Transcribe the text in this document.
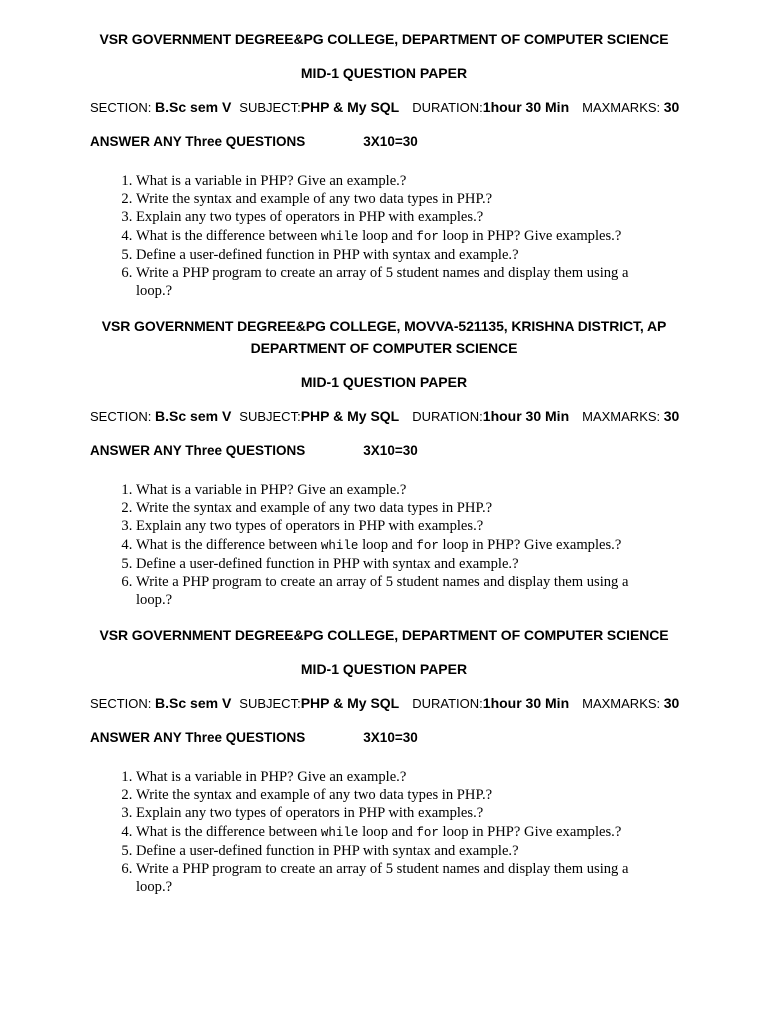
VSR GOVERNMENT DEGREE&PG COLLEGE, DEPARTMENT OF COMPUTER SCIENCE

MID-1 QUESTION PAPER
SECTION: B.Sc sem V SUBJECT:PHP & My SQL DURATION:1hour 30 Min MAXMARKS: 30
ANSWER ANY Three QUESTIONS	3X10=30
1. What is a variable in PHP? Give an example.?
2. Write the syntax and example of any two data types in PHP.?
3. Explain any two types of operators in PHP with examples.?
4. What is the difference between while loop and for loop in PHP? Give examples.?
5. Define a user-defined function in PHP with syntax and example.?
6. Write a PHP program to create an array of 5 student names and display them using a loop.?

VSR GOVERNMENT DEGREE&PG COLLEGE, MOVVA-521135, KRISHNA DISTRICT, AP
DEPARTMENT OF COMPUTER SCIENCE

MID-1 QUESTION PAPER
SECTION: B.Sc sem V SUBJECT:PHP & My SQL DURATION:1hour 30 Min MAXMARKS: 30
ANSWER ANY Three QUESTIONS	3X10=30
1. What is a variable in PHP? Give an example.?
2. Write the syntax and example of any two data types in PHP.?
3. Explain any two types of operators in PHP with examples.?
4. What is the difference between while loop and for loop in PHP? Give examples.?
5. Define a user-defined function in PHP with syntax and example.?
6. Write a PHP program to create an array of 5 student names and display them using a loop.?

VSR GOVERNMENT DEGREE&PG COLLEGE, DEPARTMENT OF COMPUTER SCIENCE

MID-1 QUESTION PAPER
SECTION: B.Sc sem V SUBJECT:PHP & My SQL DURATION:1hour 30 Min MAXMARKS: 30
ANSWER ANY Three QUESTIONS	3X10=30
1. What is a variable in PHP? Give an example.?
2. Write the syntax and example of any two data types in PHP.?
3. Explain any two types of operators in PHP with examples.?
4. What is the difference between while loop and for loop in PHP? Give examples.?
5. Define a user-defined function in PHP with syntax and example.?
6. Write a PHP program to create an array of 5 student names and display them using a loop.?
